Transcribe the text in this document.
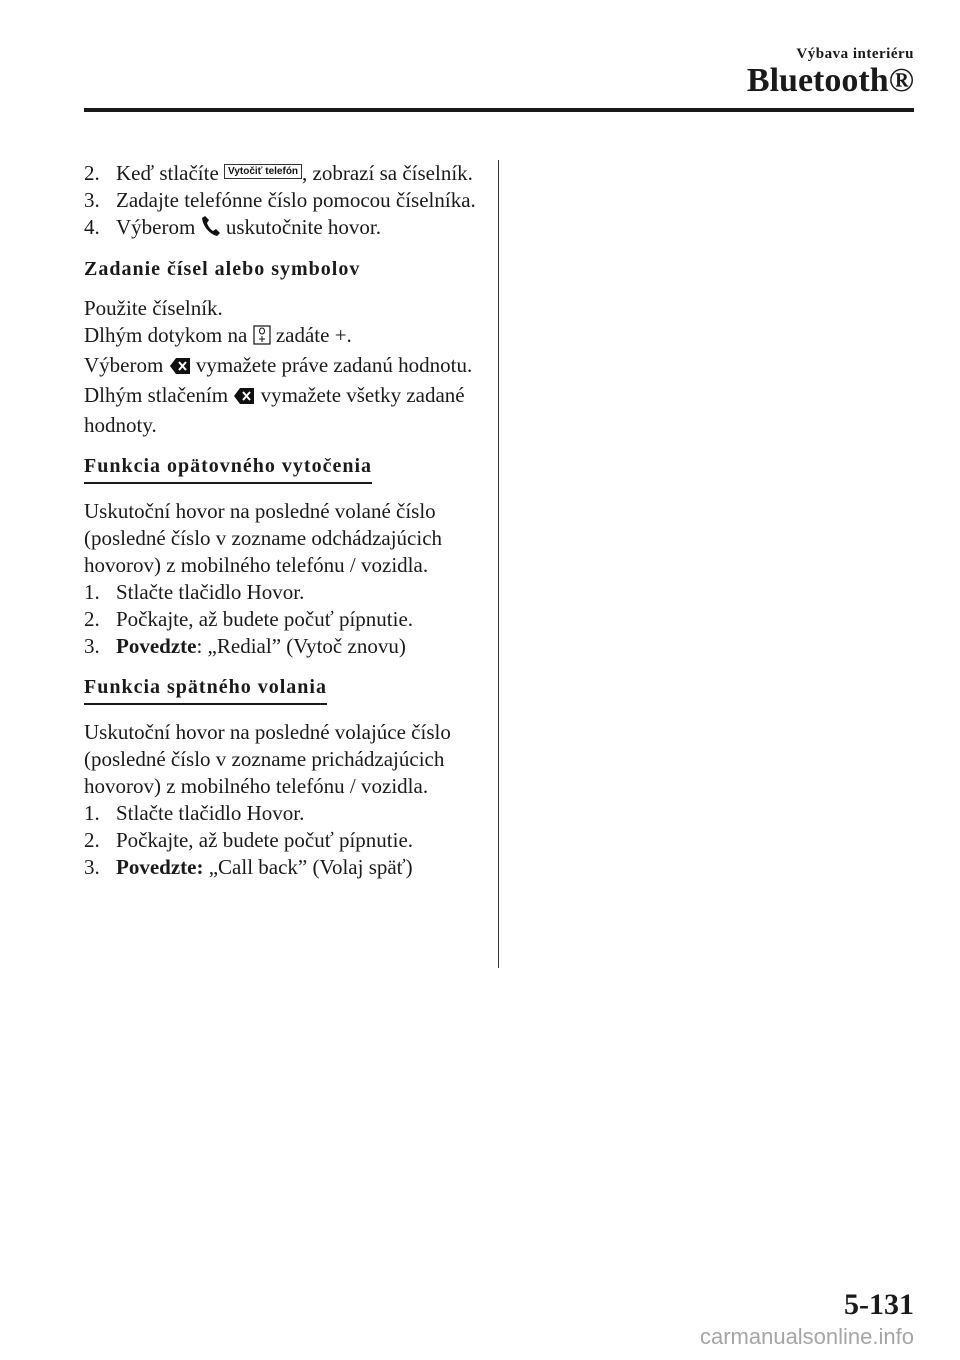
Výbava interiéru
Bluetooth®
2. Keď stlačíte Vytočiť telefón , zobrazí sa číselník.
3. Zadajte telefónne číslo pomocou číselníka.
4. Výberom uskutočnite hovor.
Zadanie čísel alebo symbolov

Použite číselník.

Dlhým dotykom na zadáte +.

Výberom vymažete práve zadanú hodnotu.

Dlhým stlačením vymažete všetky zadané hodnoty.

Funkcia opätovného vytočenia

Uskutoční hovor na posledné volané číslo (posledné číslo v zozname odchádzajúcich hovorov) z mobilného telefónu / vozidla.

1. Stlačte tlačidlo Hovor.
2. Počkajte, až budete počuť pípnutie.
3. Povedzte: „Redial” (Vytoč znovu)
Funkcia spätného volania

Uskutoční hovor na posledné volajúce číslo (posledné číslo v zozname prichádzajúcich hovorov) z mobilného telefónu / vozidla.

1. Stlačte tlačidlo Hovor.
2. Počkajte, až budete počuť pípnutie.
3. Povedzte: „Call back” (Volaj späť)
5-131
carmanualsonline.info
